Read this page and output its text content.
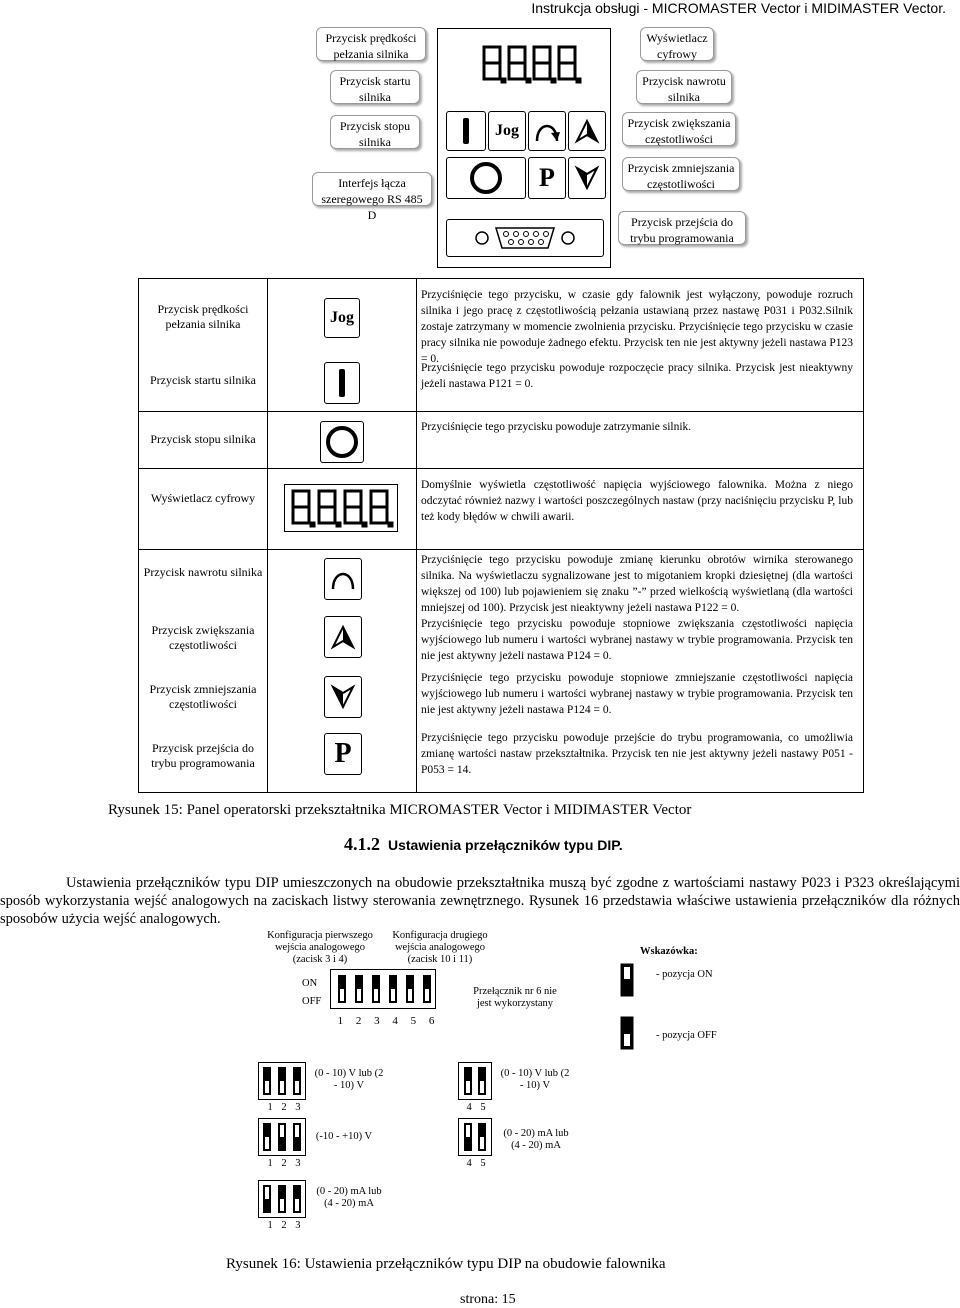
Instrukcja obsługi - MICROMASTER Vector i MIDIMASTER Vector.
Przycisk prędkości pełzania silnika
Przycisk startu silnika
Przycisk stopu silnika
Interfejs łącza szeregowego RS 485 D
Wyświetlacz cyfrowy
Przycisk nawrotu silnika
Przycisk zwiększania częstotliwości
Przycisk zmniejszania częstotliwości
Przycisk przejścia do trybu programowania
Jog
P
Przycisk prędkości pełzania silnika
Przycisk startu silnika
Przycisk stopu silnika
Wyświetlacz cyfrowy
Przycisk nawrotu silnika
Przycisk zwiększania częstotliwości
Przycisk zmniejszania częstotliwości
Przycisk przejścia do trybu programowania
Jog
P
Przyciśnięcie tego przycisku, w czasie gdy falownik jest wyłączony, powoduje rozruch silnika i jego pracę z częstotliwością pełzania ustawianą przez nastawę P031 i P032.Silnik zostaje zatrzymany w momencie zwolnienia przycisku. Przyciśnięcie tego przycisku w czasie pracy silnika nie powoduje żadnego efektu. Przycisk ten nie jest aktywny jeżeli nastawa P123 = 0.
Przyciśnięcie tego przycisku powoduje rozpoczęcie pracy silnika. Przycisk jest nieaktywny jeżeli nastawa P121 = 0.
Przyciśnięcie tego przycisku powoduje zatrzymanie silnik.
Domyślnie wyświetla częstotliwość napięcia wyjściowego falownika. Można z niego odczytać również nazwy i wartości poszczególnych nastaw (przy naciśnięciu przycisku P, lub też kody błędów w chwili awarii.
Przyciśnięcie tego przycisku powoduje zmianę kierunku obrotów wirnika sterowanego silnika. Na wyświetlaczu sygnalizowane jest to migotaniem kropki dziesiętnej (dla wartości większej od 100) lub pojawieniem się znaku ”-” przed wielkością wyświetlaną (dla wartości mniejszej od 100). Przycisk jest nieaktywny jeżeli nastawa P122 = 0.
Przyciśnięcie tego przycisku powoduje stopniowe zwiększania częstotliwości napięcia wyjściowego lub numeru i wartości wybranej nastawy w trybie programowania. Przycisk ten nie jest aktywny jeżeli nastawa P124 = 0.
Przyciśnięcie tego przycisku powoduje stopniowe zmniejszanie częstotliwości napięcia wyjściowego lub numeru i wartości wybranej nastawy w trybie programowania. Przycisk ten nie jest aktywny jeżeli nastawa P124 = 0.
Przyciśnięcie tego przycisku powoduje przejście do trybu programowania, co umożliwia zmianę wartości nastaw przekształtnika. Przycisk ten nie jest aktywny jeżeli nastawy P051 - P053 = 14.
Rysunek 15: Panel operatorski przekształtnika MICROMASTER Vector i MIDIMASTER Vector
4.1.2 Ustawienia przełączników typu DIP.
Ustawienia przełączników typu DIP umieszczonych na obudowie przekształtnika muszą być zgodne z wartościami nastawy P023 i P323 określającymi sposób wykorzystania wejść analogowych na zaciskach listwy sterowania zewnętrznego. Rysunek 16 przedstawia właściwe ustawienia przełączników dla różnych sposobów użycia wejść analogowych.
Konfiguracja pierwszego wejścia analogowego (zacisk 3 i 4)
Konfiguracja drugiego wejścia analogowego (zacisk 10 i 11)
ON
OFF
1 2 3 4 5 6
Przełącznik nr 6 nie jest wykorzystany
Wskazówka:
- pozycja ON
- pozycja OFF
1 2 3
(0 - 10) V lub (2 - 10) V
1 2 3
(-10 - +10) V
1 2 3
(0 - 20) mA lub (4 - 20) mA
4 5
(0 - 10) V lub (2 - 10) V
4 5
(0 - 20) mA lub (4 - 20) mA
Rysunek 16: Ustawienia przełączników typu DIP na obudowie falownika
strona: 15
